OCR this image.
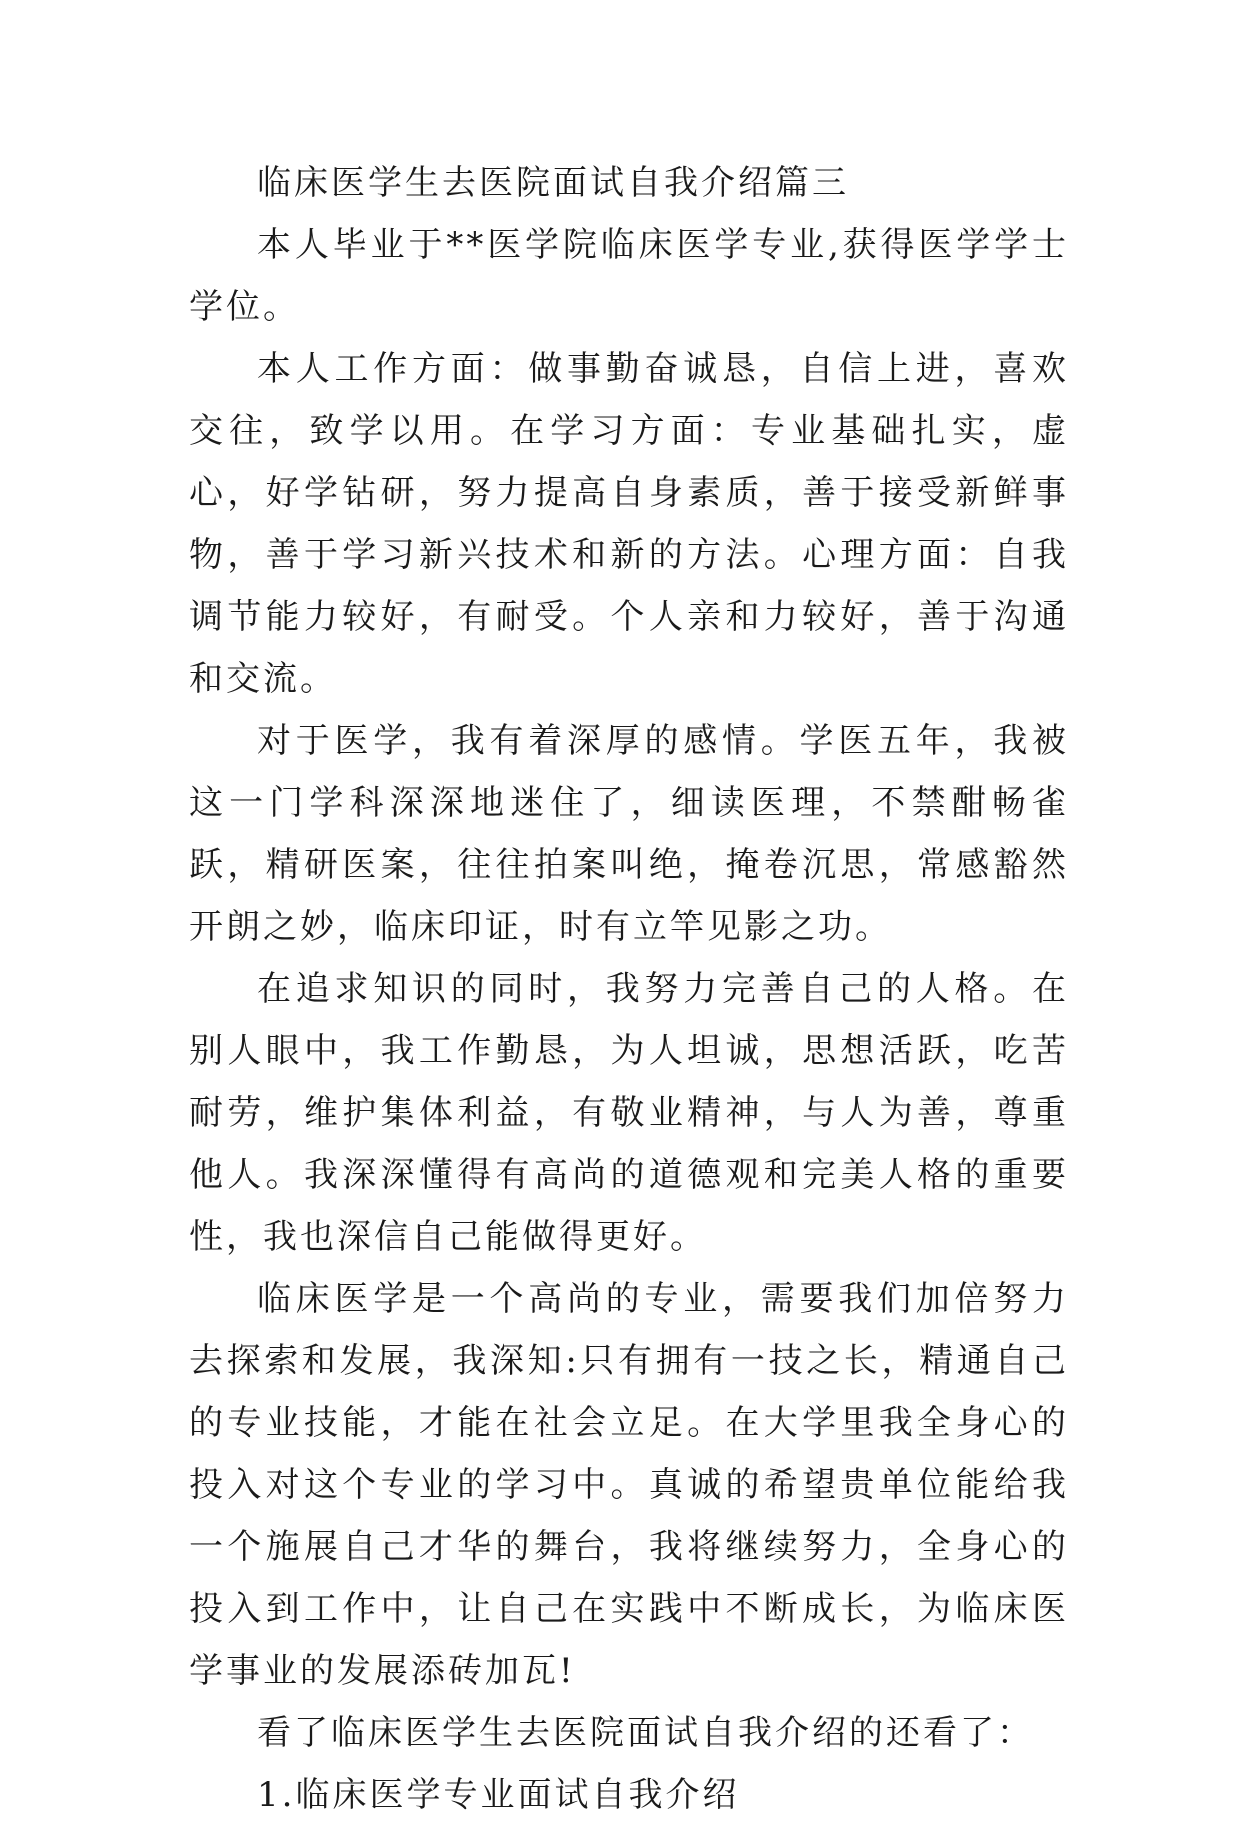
临床医学生去医院面试自我介绍篇三

本人毕业于**医学院临床医学专业,获得医学学士学位。

本人工作方面：做事勤奋诚恳，自信上进，喜欢交往，致学以用。在学习方面：专业基础扎实，虚心，好学钻研，努力提高自身素质，善于接受新鲜事物，善于学习新兴技术和新的方法。心理方面：自我调节能力较好，有耐受。个人亲和力较好，善于沟通和交流。

对于医学，我有着深厚的感情。学医五年，我被这一门学科深深地迷住了，细读医理，不禁酣畅雀跃，精研医案，往往拍案叫绝，掩卷沉思，常感豁然开朗之妙，临床印证，时有立竿见影之功。

在追求知识的同时，我努力完善自己的人格。在别人眼中，我工作勤恳，为人坦诚，思想活跃，吃苦耐劳，维护集体利益，有敬业精神，与人为善，尊重他人。我深深懂得有高尚的道德观和完美人格的重要性，我也深信自己能做得更好。

临床医学是一个高尚的专业，需要我们加倍努力去探索和发展，我深知:只有拥有一技之长，精通自己的专业技能，才能在社会立足。在大学里我全身心的投入对这个专业的学习中。真诚的希望贵单位能给我一个施展自己才华的舞台，我将继续努力，全身心的投入到工作中，让自己在实践中不断成长，为临床医学事业的发展添砖加瓦!

看了临床医学生去医院面试自我介绍的还看了：

1.临床医学专业面试自我介绍
